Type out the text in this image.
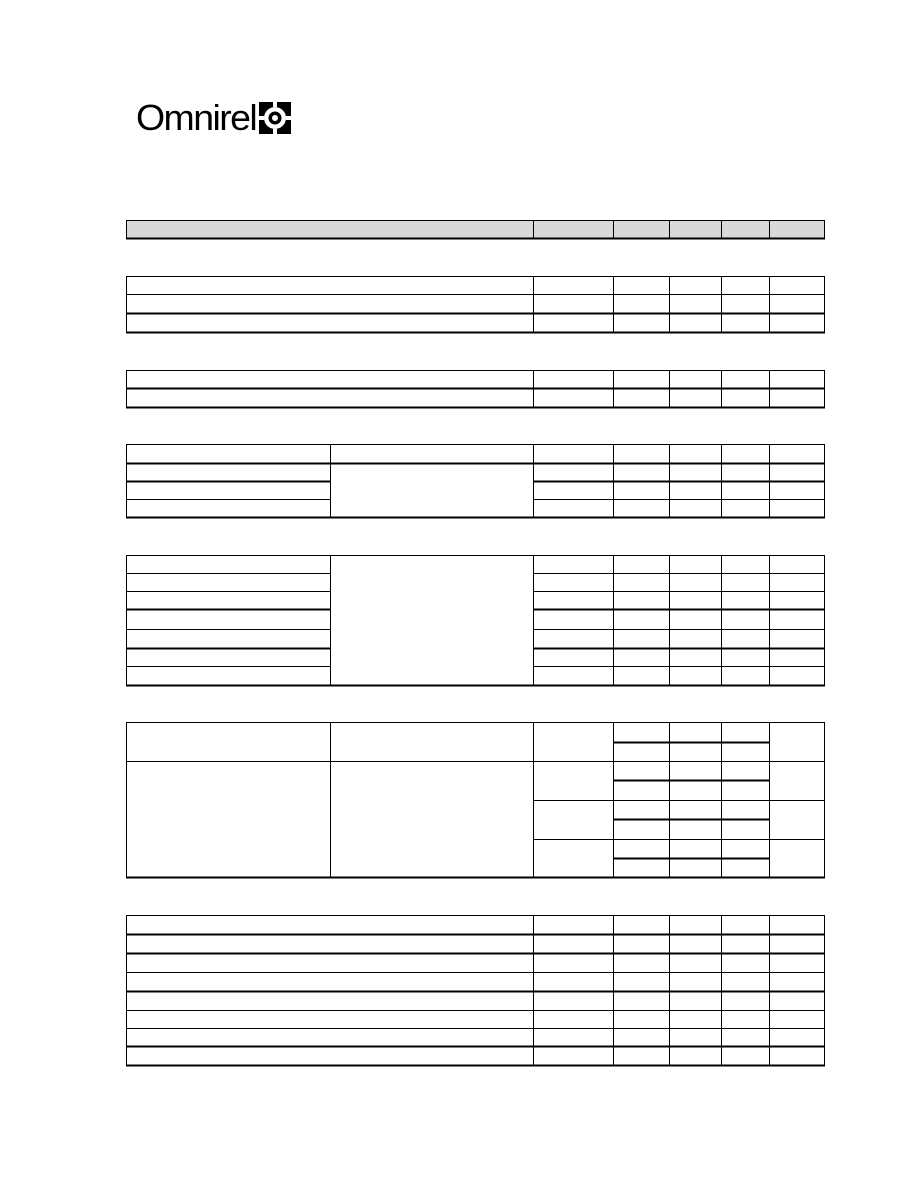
Omnirel
